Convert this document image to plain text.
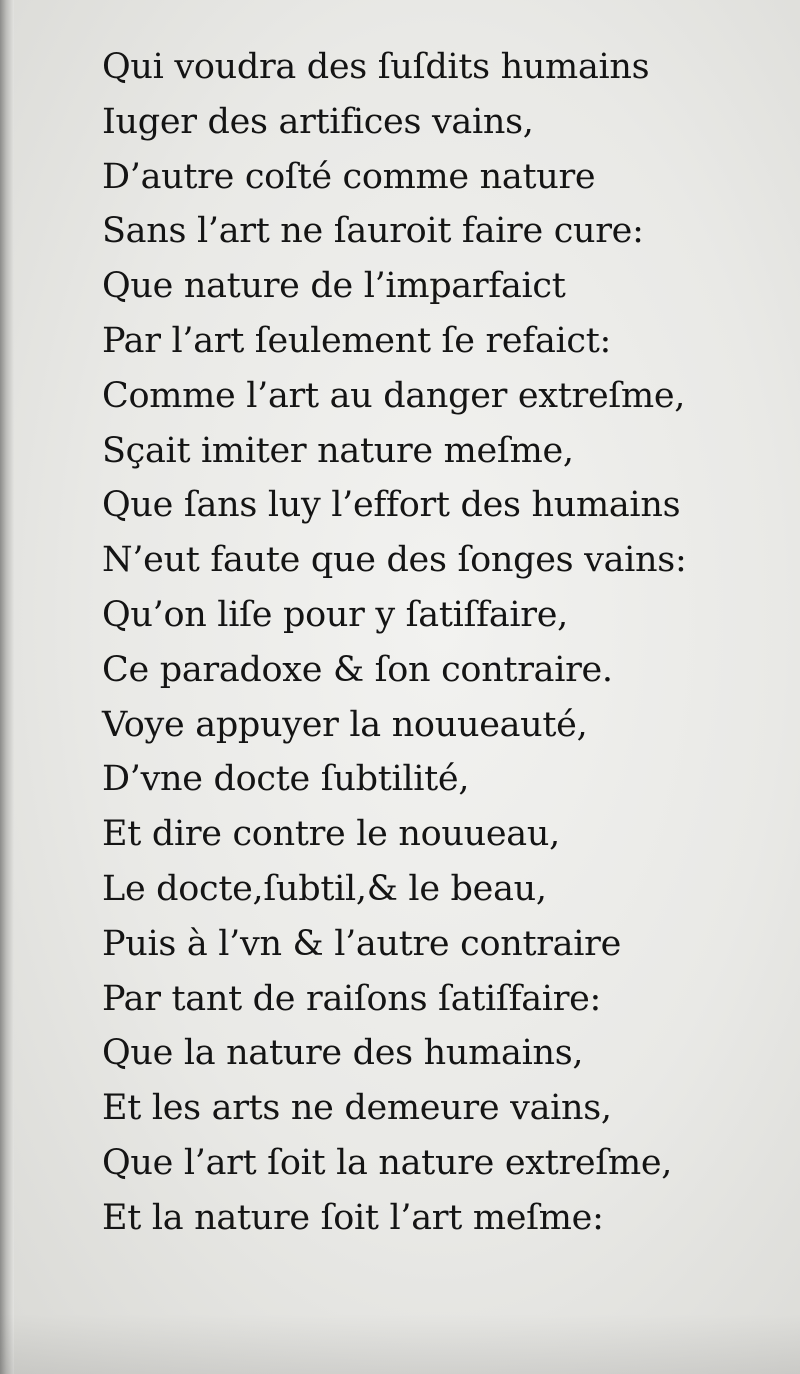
Qui voudra des ſuſdits humains
Iuger des artifices vains,
D’autre coſté comme nature
Sans l’art ne ſauroit faire cure:
Que nature de l’imparfaict
Par l’art ſeulement ſe refaict:
Comme l’art au danger extreſme,
Sçait imiter nature meſme,
Que ſans luy l’effort des humains
N’eut faute que des ſonges vains:
Qu’on liſe pour y ſatiſfaire,
Ce paradoxe & ſon contraire.
Voye appuyer la nouueauté,
D’vne docte ſubtilité,
Et dire contre le nouueau,
Le docte,ſubtil,& le beau,
Puis à l’vn & l’autre contraire
Par tant de raiſons ſatiſfaire:
Que la nature des humains,
Et les arts ne demeure vains,
Que l’art ſoit la nature extreſme,
Et la nature ſoit l’art meſme:
